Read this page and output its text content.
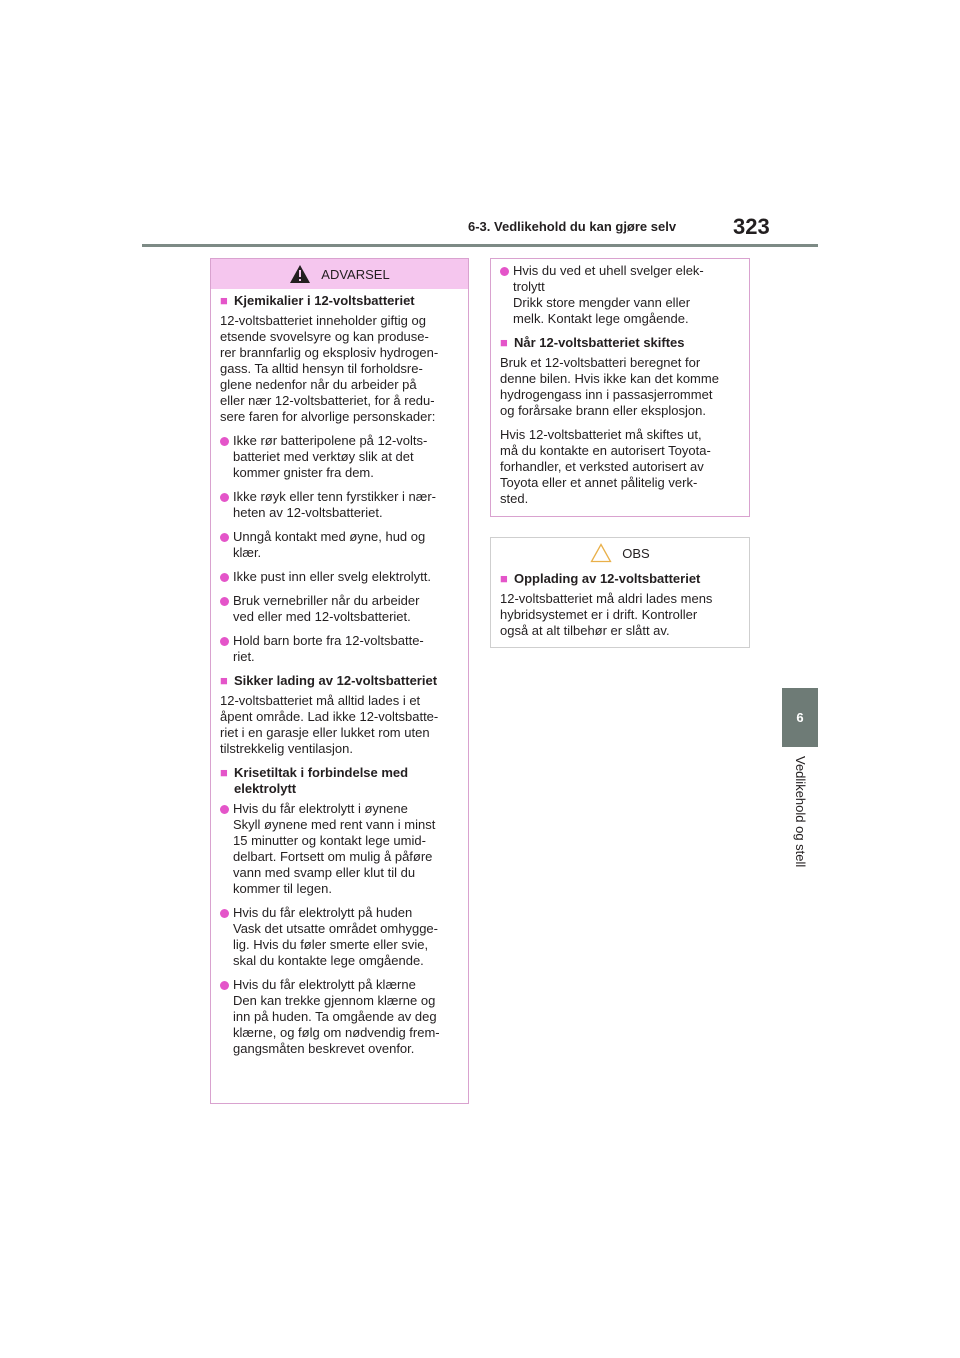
6-3. Vedlikehold du kan gjøre selv	323
6
Vedlikehold og stell
ADVARSEL
■ Kjemikalier i 12-voltsbatteriet
12-voltsbatteriet inneholder giftig og
etsende svovelsyre og kan produse-
rer brannfarlig og eksplosiv hydrogen-
gass. Ta alltid hensyn til forholdsre-
glene nedenfor når du arbeider på
eller nær 12-voltsbatteriet, for å redu-
sere faren for alvorlige personskader:
Ikke rør batteripolene på 12-volts-
batteriet med verktøy slik at det
kommer gnister fra dem.
Ikke røyk eller tenn fyrstikker i nær-
heten av 12-voltsbatteriet.
Unngå kontakt med øyne, hud og
klær.
Ikke pust inn eller svelg elektrolytt.
Bruk vernebriller når du arbeider
ved eller med 12-voltsbatteriet.
Hold barn borte fra 12-voltsbatte-
riet.
■ Sikker lading av 12-voltsbatteriet
12-voltsbatteriet må alltid lades i et
åpent område. Lad ikke 12-voltsbatte-
riet i en garasje eller lukket rom uten
tilstrekkelig ventilasjon.
■ Krisetiltak i forbindelse med
elektrolytt
Hvis du får elektrolytt i øynene
Skyll øynene med rent vann i minst
15 minutter og kontakt lege umid-
delbart. Fortsett om mulig å påføre
vann med svamp eller klut til du
kommer til legen.
Hvis du får elektrolytt på huden
Vask det utsatte området omhygge-
lig. Hvis du føler smerte eller svie,
skal du kontakte lege omgående.
Hvis du får elektrolytt på klærne
Den kan trekke gjennom klærne og
inn på huden. Ta omgående av deg
klærne, og følg om nødvendig frem-
gangsmåten beskrevet ovenfor.
Hvis du ved et uhell svelger elek-
trolytt
Drikk store mengder vann eller
melk. Kontakt lege omgående.
■ Når 12-voltsbatteriet skiftes
Bruk et 12-voltsbatteri beregnet for
denne bilen. Hvis ikke kan det komme
hydrogengass inn i passasjerrommet
og forårsake brann eller eksplosjon.
Hvis 12-voltsbatteriet må skiftes ut,
må du kontakte en autorisert Toyota-
forhandler, et verksted autorisert av
Toyota eller et annet pålitelig verk-
sted.
OBS
■ Opplading av 12-voltsbatteriet
12-voltsbatteriet må aldri lades mens
hybridsystemet er i drift. Kontroller
også at alt tilbehør er slått av.
